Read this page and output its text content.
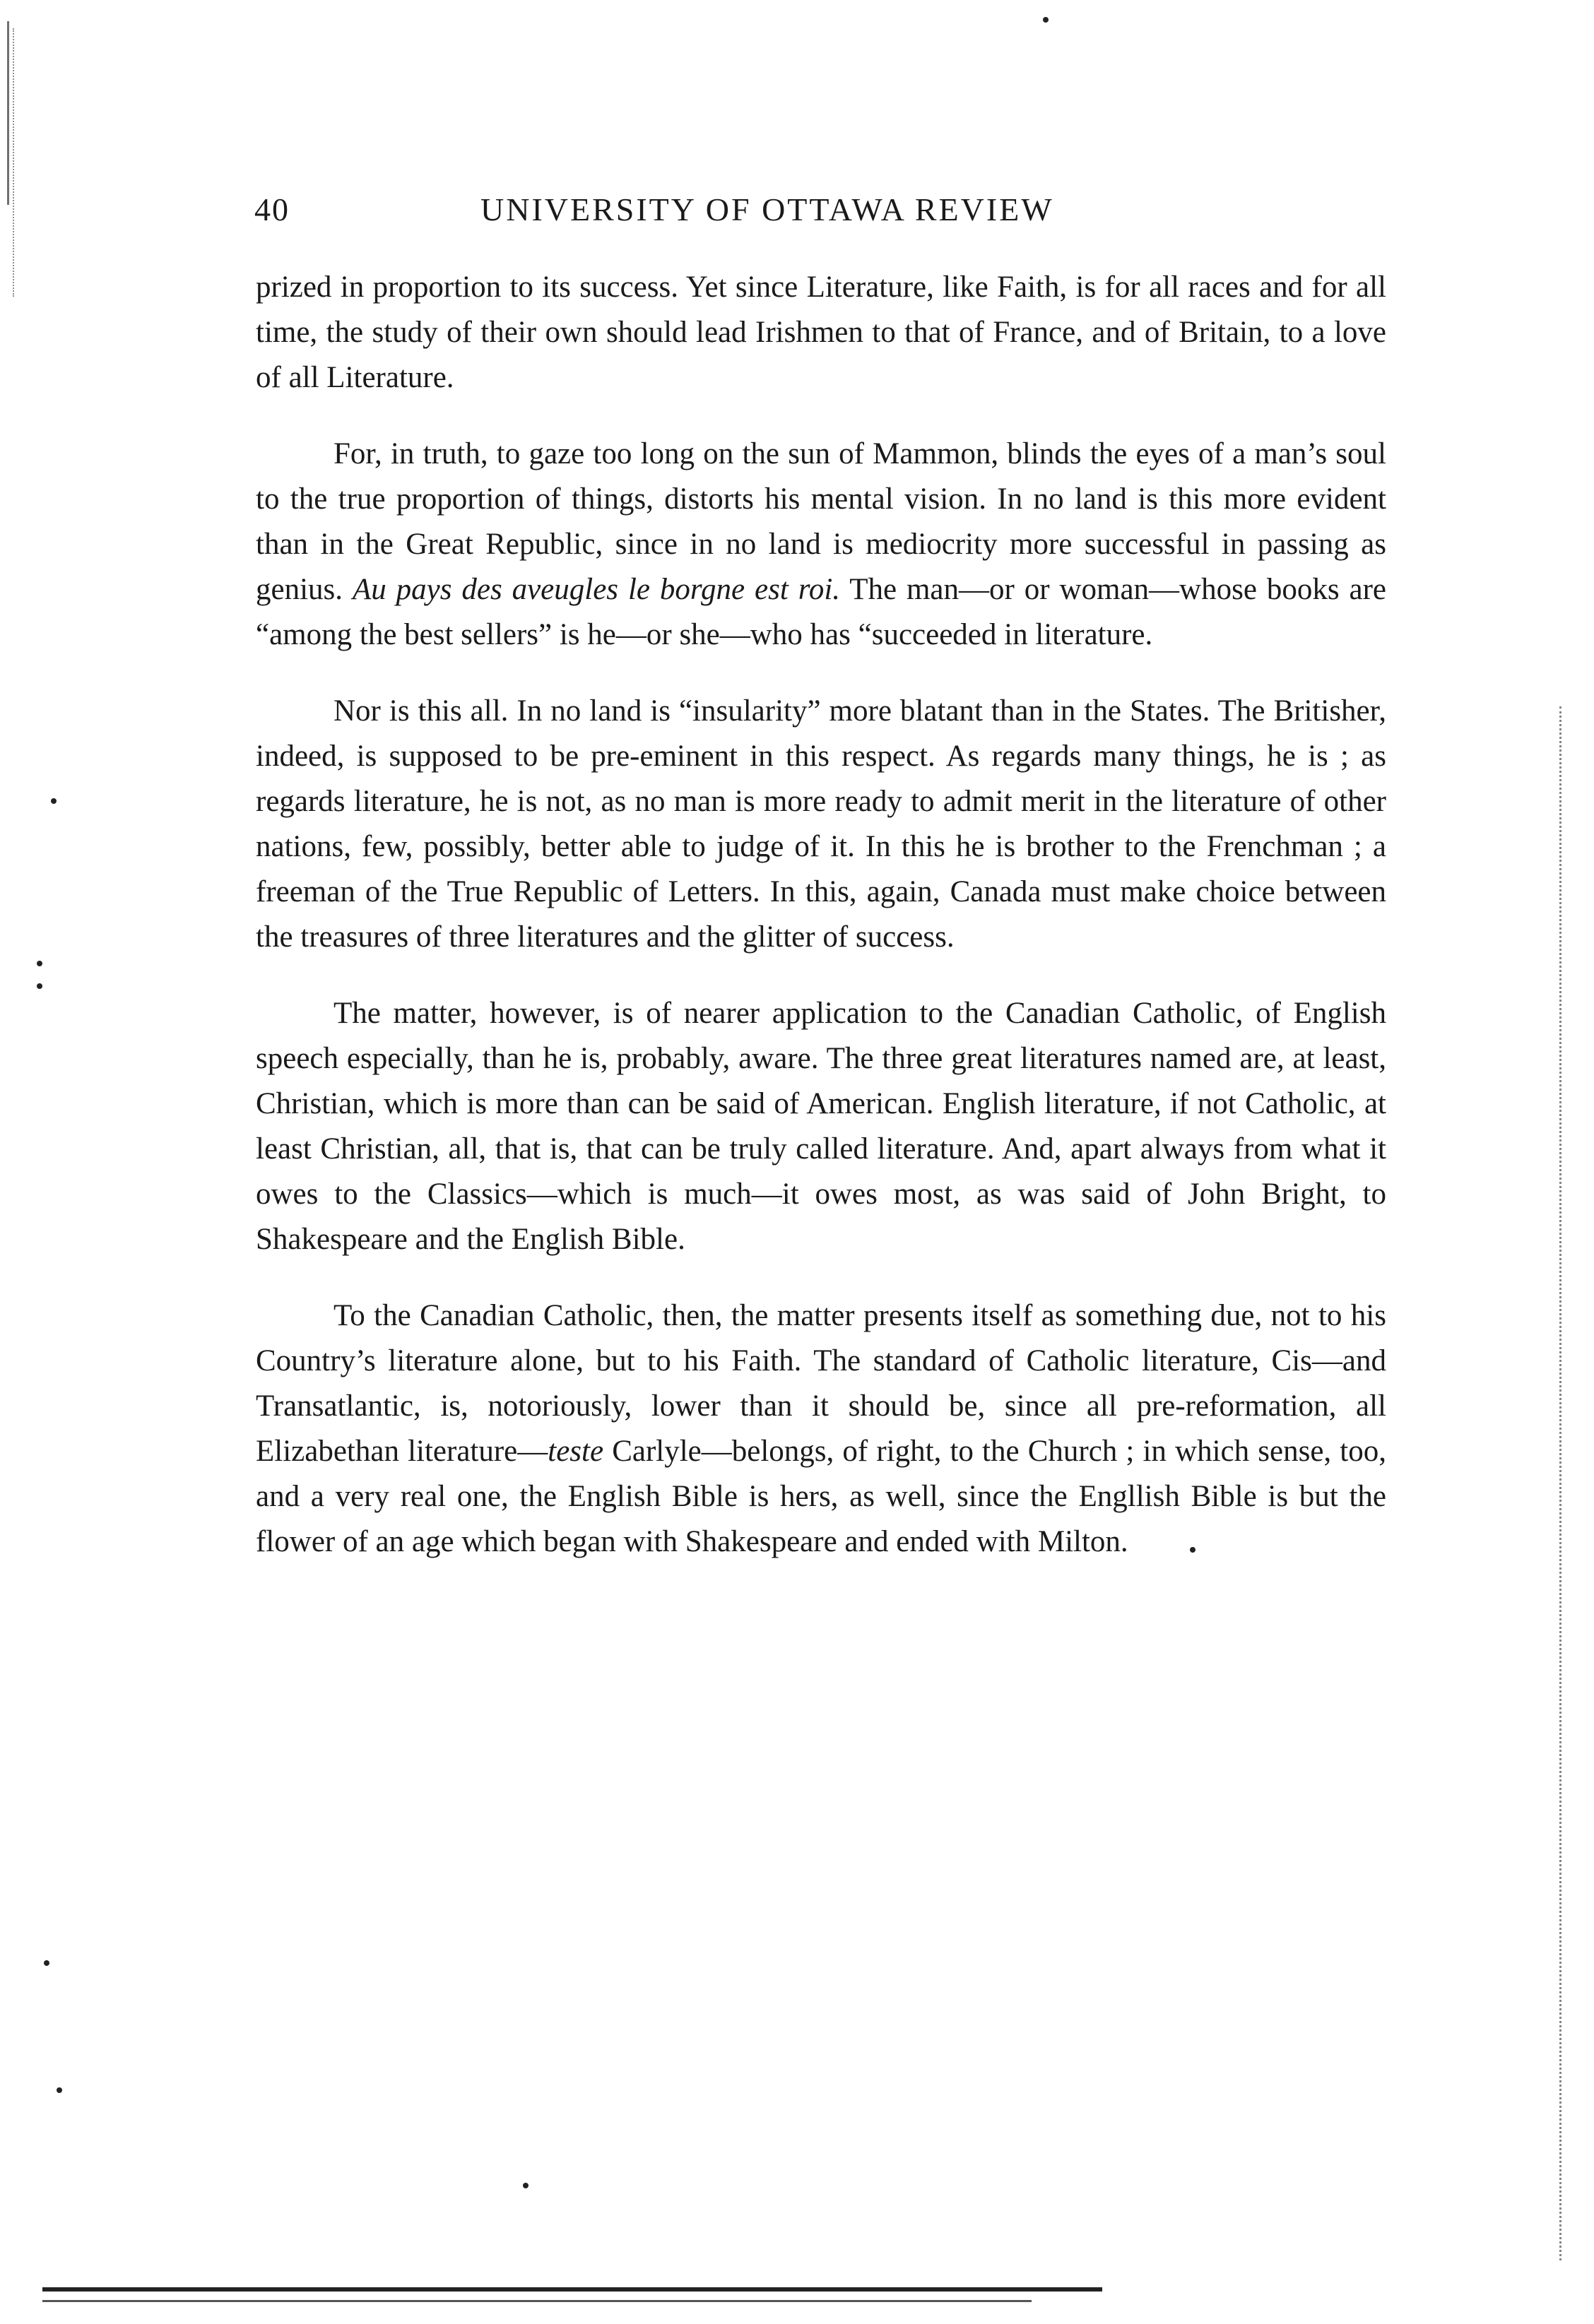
40	UNIVERSITY OF OTTAWA REVIEW

prized in proportion to its success. Yet since Literature, like Faith, is for all races and for all time, the study of their own should lead Irishmen to that of France, and of Britain, to a love of all Literature.

For, in truth, to gaze too long on the sun of Mammon, blinds the eyes of a man’s soul to the true proportion of things, distorts his mental vision. In no land is this more evident than in the Great Republic, since in no land is mediocrity more successful in passing as genius. Au pays des aveugles le borgne est roi. The man—or or woman—whose books are “among the best sellers” is he—or she—who has “succeeded in literature.

Nor is this all. In no land is “insularity” more blatant than in the States. The Britisher, indeed, is supposed to be pre-eminent in this respect. As regards many things, he is ; as regards literature, he is not, as no man is more ready to admit merit in the literature of other nations, few, possibly, better able to judge of it. In this he is brother to the Frenchman ; a freeman of the True Republic of Letters. In this, again, Canada must make choice between the treasures of three literatures and the glitter of success.

The matter, however, is of nearer application to the Canadian Catholic, of English speech especially, than he is, probably, aware. The three great literatures named are, at least, Christian, which is more than can be said of American. English literature, if not Catholic, at least Christian, all, that is, that can be truly called literature. And, apart always from what it owes to the Classics—which is much—it owes most, as was said of John Bright, to Shakespeare and the English Bible.

To the Canadian Catholic, then, the matter presents itself as something due, not to his Country’s literature alone, but to his Faith. The standard of Catholic literature, Cis—and Transatlantic, is, notoriously, lower than it should be, since all pre-reformation, all Elizabethan literature—teste Carlyle—belongs, of right, to the Church ; in which sense, too, and a very real one, the English Bible is hers, as well, since the Engllish Bible is but the flower of an age which began with Shakespeare and ended with Milton.
